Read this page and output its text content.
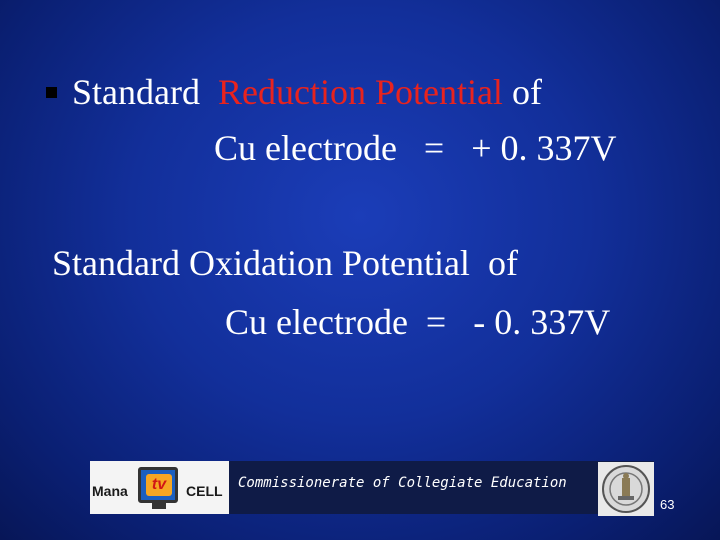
Standard Reduction Potential of
Cu electrode   =   + 0. 337V
Standard Oxidation Potential  of
Cu electrode  =   - 0. 337V
Mana	tv	CELL Commissionerate of Collegiate Education
63
